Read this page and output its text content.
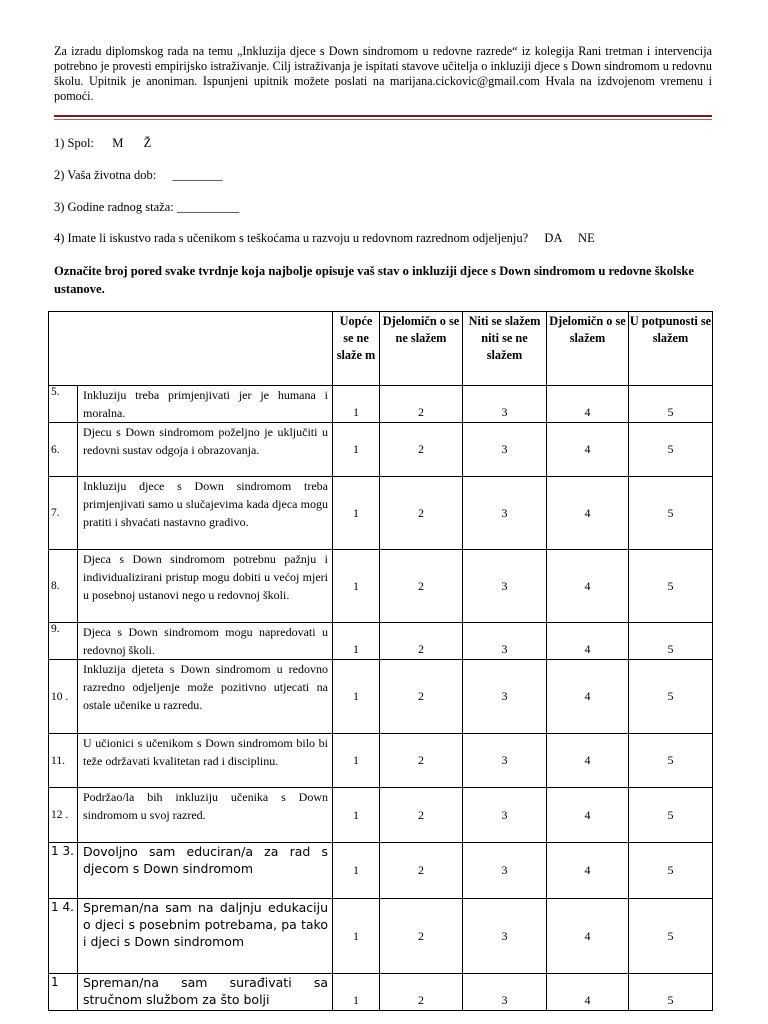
Za izradu diplomskog rada na temu „Inkluzija djece s Down sindromom u redovne razrede“ iz kolegija Rani tretman i intervencija potrebno je provesti empirijsko istraživanje. Cilj istraživanja je ispitati stavove učitelja o inkluziji djece s Down sindromom u redovnu školu. Upitnik je anoniman. Ispunjeni upitnik možete poslati na marijana.cickovic@gmail.com Hvala na izdvojenom vremenu i pomoći.
1) Spol: M Ž
2) Vaša životna dob: ________
3) Godine radnog staža: __________
4) Imate li iskustvo rada s učenikom s teškoćama u razvoju u redovnom razrednom odjeljenju? DA NE
Označite broj pored svake tvrdnje koja najbolje opisuje vaš stav o inkluziji djece s Down sindromom u redovne školske ustanove.
		Uopće se ne slaže m	Djelomičn o se ne slažem	Niti se slažem niti se ne slažem	Djelomičn o se slažem	U potpunosti se slažem
5.	Inkluziju treba primjenjivati jer je humana i moralna.	1	2	3	4	5
6.	Djecu s Down sindromom poželjno je uključiti u redovni sustav odgoja i obrazovanja.	1	2	3	4	5
7.	Inkluziju djece s Down sindromom treba primjenjivati samo u slučajevima kada djeca mogu pratiti i shvaćati nastavno gradivo.	1	2	3	4	5
8.	Djeca s Down sindromom potrebnu pažnju i individualizirani pristup mogu dobiti u većoj mjeri u posebnoj ustanovi nego u redovnoj školi.	1	2	3	4	5
9.	Djeca s Down sindromom mogu napredovati u redovnoj školi.	1	2	3	4	5
10 .	Inkluzija djeteta s Down sindromom u redovno razredno odjeljenje može pozitivno utjecati na ostale učenike u razredu.	1	2	3	4	5
11.	U učionici s učenikom s Down sindromom bilo bi teže održavati kvalitetan rad i disciplinu.	1	2	3	4	5
12 .	Podržao/la bih inkluziju učenika s Down sindromom u svoj razred.	1	2	3	4	5
1 3.	Dovoljno sam educiran/a za rad s djecom s Down sindromom	1	2	3	4	5
1 4.	Spreman/na sam na daljnju edukaciju o djeci s posebnim potrebama, pa tako i djeci s Down sindromom	1	2	3	4	5
1	Spreman/na sam surađivati sa stručnom službom za što bolji	1	2	3	4	5
